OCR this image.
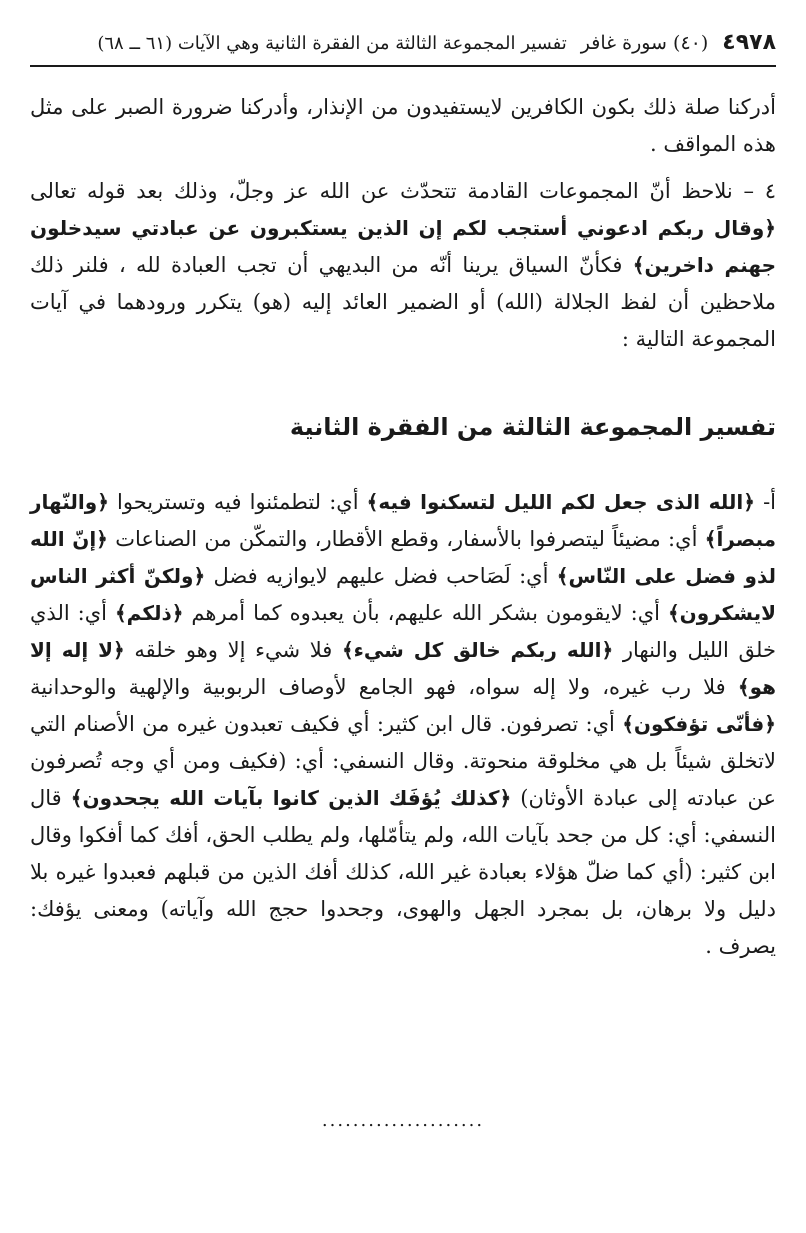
٤٩٧٨
(٤٠) سورة غافر
تفسير المجموعة الثالثة من الفقرة الثانية وهي الآيات (٦١ ــ ٦٨)

أدركنا صلة ذلك بكون الكافرين لايستفيدون من الإنذار، وأدركنا ضرورة الصبر على مثل هذه المواقف .

٤ – نلاحظ أنّ المجموعات القادمة تتحدّث عن الله عز وجلّ، وذلك بعد قوله تعالى ﴿وقال ربكم ادعوني أستجب لكم إن الذين يستكبرون عن عبادتي سيدخلون جهنم داخرين﴾ فكأنّ السياق يرينا أنّه من البديهي أن تجب العبادة لله ، فلنر ذلك ملاحظين أن لفظ الجلالة (الله) أو الضمير العائد إليه (هو) يتكرر ورودهما في آيات المجموعة التالية :

تفسير المجموعة الثالثة من الفقرة الثانية

أ- ﴿الله الذى جعل لكم الليل لتسكنوا فيه﴾ أي: لتطمئنوا فيه وتستريحوا ﴿والنّهار مبصراً﴾ أي: مضيئاً ليتصرفوا بالأسفار، وقطع الأقطار، والتمكّن من الصناعات ﴿إنّ الله لذو فضل على النّاس﴾ أي: لَصَاحب فضل عليهم لايوازيه فضل ﴿ولكنّ أكثر الناس لايشكرون﴾ أي: لايقومون بشكر الله عليهم، بأن يعبدوه كما أمرهم ﴿ذلكم﴾ أي: الذي خلق الليل والنهار ﴿الله ربكم خالق كل شيء﴾ فلا شيء إلا وهو خلقه ﴿لا إله إلا هو﴾ فلا رب غيره، ولا إله سواه، فهو الجامع لأوصاف الربوبية والإلهية والوحدانية ﴿فأنّى تؤفكون﴾ أي: تصرفون. قال ابن كثير: أي فكيف تعبدون غيره من الأصنام التي لاتخلق شيئاً بل هي مخلوقة منحوتة. وقال النسفي: أي: (فكيف ومن أي وجه تُصرفون عن عبادته إلى عبادة الأوثان) ﴿كذلك يُؤفَك الذين كانوا بآيات الله يجحدون﴾ قال النسفي: أي: كل من جحد بآيات الله، ولم يتأمّلها، ولم يطلب الحق، أفك كما أفكوا وقال ابن كثير: (أي كما ضلّ هؤلاء بعبادة غير الله، كذلك أفك الذين من قبلهم فعبدوا غيره بلا دليل ولا برهان، بل بمجرد الجهل والهوى، وجحدوا حجج الله وآياته) ومعنى يؤفك: يصرف .

.....................
